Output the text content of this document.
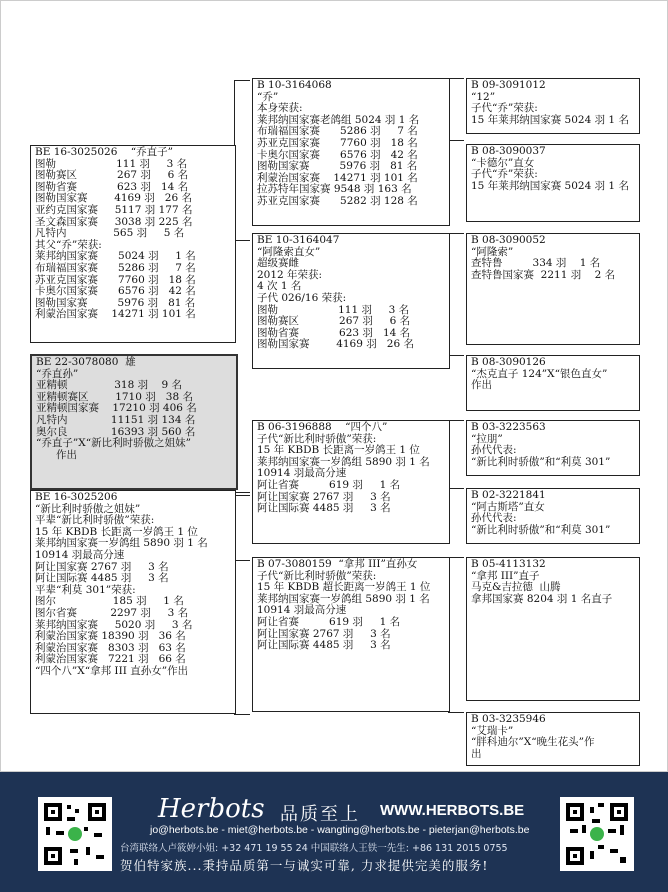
BE 16-3025026    “乔直子”
图勒                  111 羽     3 名
图勒赛区            267 羽     6 名
图勒省赛            623 羽   14 名
图勒国家赛        4169 羽   26 名
亚约克国家赛     5117 羽 177 名
圣文森国家赛     3038 羽 225 名
凡特内              565 羽     5 名
其父“乔”荣获:
莱邦纳国家赛      5024 羽     1 名
布瑞福国家赛      5286 羽     7 名
苏亚克国家赛      7760 羽   18 名
卡奥尔国家赛      6576 羽   42 名
图勒国家赛         5976 羽   81 名
利蒙治国家赛    14271 羽 101 名
BE 22-3078080  雄
“乔直孙”
亚精顿              318 羽    9 名
亚精顿赛区        1710 羽   38 名
亚精顿国家赛    17210 羽 406 名
凡特内             11151 羽 134 名
奥尔良             16393 羽 560 名
“乔直子”X“新比利时骄傲之姐妹”
作出
BE 16-3025206
“新比利时骄傲之姐妹”
平辈“新比利时骄傲”荣获:
15 年 KBDB 长距离一岁鸽王 1 位
莱邦纳国家赛一岁鸽组 5890 羽 1 名
10914 羽最高分速
阿让国家赛 2767 羽     3 名
阿让国际赛 4485 羽     3 名
平辈“利莫 301”荣获:
图尔                 185 羽     1 名
图尔省赛          2297 羽     3 名
莱邦纳国家赛     5020 羽     3 名
利蒙治国家赛 18390 羽   36 名
利蒙治国家赛   8303 羽   63 名
利蒙治国家赛   7221 羽   66 名
“四个八”X“拿邦 III 直孙女”作出
B 10-3164068
“乔”
本身荣获:
莱邦纳国家赛老鸽组 5024 羽 1 名
布瑞福国家赛      5286 羽     7 名
苏亚克国家赛      7760 羽   18 名
卡奥尔国家赛      6576 羽   42 名
图勒国家赛         5976 羽   81 名
利蒙治国家赛    14271 羽 101 名
拉苏特年国家赛 9548 羽 163 名
苏亚克国家赛      5282 羽 128 名
BE 10-3164047
“阿隆索直女”
超级赛雌
2012 年荣获:
4 次 1 名
子代 026/16 荣获:
图勒                  111 羽     3 名
图勒赛区            267 羽     6 名
图勒省赛            623 羽   14 名
图勒国家赛        4169 羽   26 名
B 06-3196888    “四个八”
子代“新比利时骄傲”荣获:
15 年 KBDB 长距离一岁鸽王 1 位
莱邦纳国家赛一岁鸽组 5890 羽 1 名
10914 羽最高分速
阿让省赛         619 羽     1 名
阿让国家赛 2767 羽     3 名
阿让国际赛 4485 羽     3 名
B 07-3080159  “拿邦 III”直孙女
子代“新比利时骄傲”荣获:
15 年 KBDB 超长距离一岁鸽王 1 位
莱邦纳国家赛一岁鸽组 5890 羽 1 名
10914 羽最高分速
阿让省赛         619 羽     1 名
阿让国家赛 2767 羽     3 名
阿让国际赛 4485 羽     3 名
B 09-3091012
“12”
子代“乔”荣获:
15 年莱邦纳国家赛 5024 羽 1 名
B 08-3090037
“卡德尔”直女
子代“乔”荣获:
15 年莱邦纳国家赛 5024 羽 1 名
B 08-3090052
“阿隆索”
查特鲁         334 羽    1 名
查特鲁国家赛  2211 羽    2 名
B 08-3090126
“杰克直子 124”X“银色直女”
作出
B 03-3223563
“拉朋”
孙代代表:
“新比利时骄傲”和“利莫 301”
B 02-3221841
“阿古斯塔”直女
孙代代表:
“新比利时骄傲”和“利莫 301”
B 05-4113132
“拿邦 III”直子
马克&吉拉德  山腾
拿邦国家赛 8204 羽 1 名直子
B 03-3235946
“艾瑞卡”
“胖科迪尔”X“晚生花头”作
出
Herbots 品质至上 WWW.HERBOTS.BE
jo@herbots.be - miet@herbots.be - wangting@herbots.be - pieterjan@herbots.be
台湾联络人卢筱婷小姐: +32 471 19 55 24 中国联络人王铁一先生: +86 131 2015 0755
贺伯特家族...秉持品质第一与诚实可靠, 力求提供完美的服务!
